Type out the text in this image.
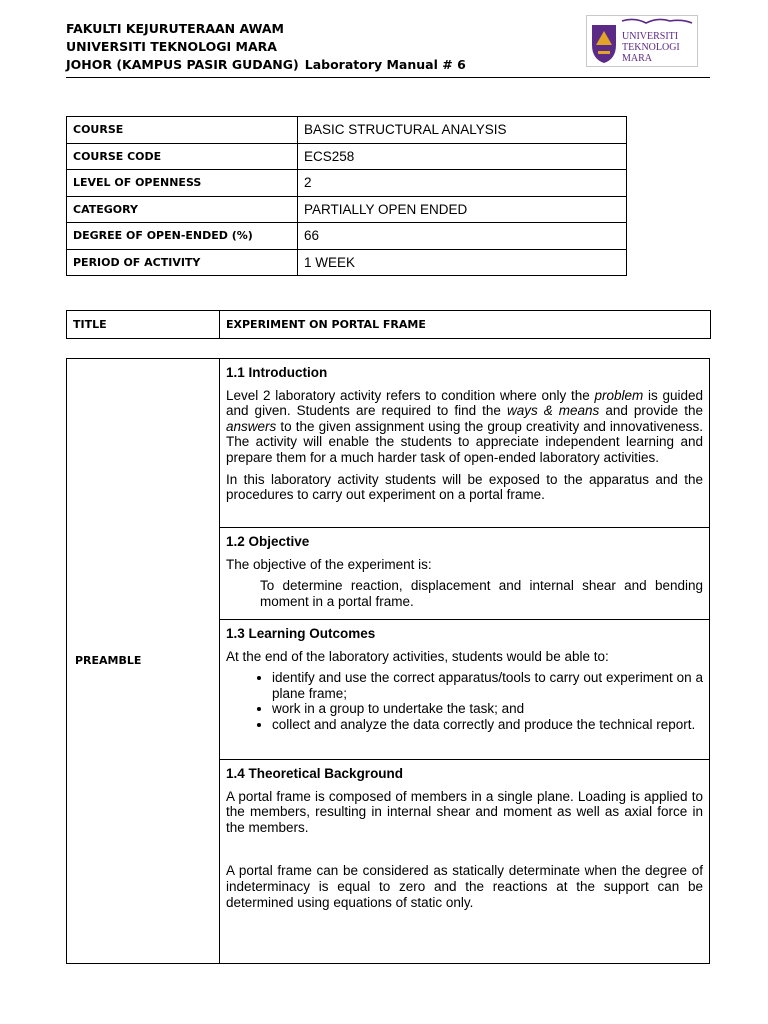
FAKULTI KEJURUTERAAN AWAM
UNIVERSITI TEKNOLOGI MARA
JOHOR (KAMPUS PASIR GUDANG) Laboratory Manual # 6
UNIVERSITI
TEKNOLOGI
MARA
COURSE	BASIC STRUCTURAL ANALYSIS
COURSE CODE	ECS258
LEVEL OF OPENNESS	2
CATEGORY	PARTIALLY OPEN ENDED
DEGREE OF OPEN-ENDED (%)	66
PERIOD OF ACTIVITY	1 WEEK
TITLE	EXPERIMENT ON PORTAL FRAME
PREAMBLE
1.1 Introduction

Level 2 laboratory activity refers to condition where only the problem is guided and given. Students are required to find the ways & means and provide the answers to the given assignment using the group creativity and innovativeness. The activity will enable the students to appreciate independent learning and prepare them for a much harder task of open-ended laboratory activities.

In this laboratory activity students will be exposed to the apparatus and the procedures to carry out experiment on a portal frame.

1.2 Objective

The objective of the experiment is:

To determine reaction, displacement and internal shear and bending moment in a portal frame.

1.3 Learning Outcomes

At the end of the laboratory activities, students would be able to:

• identify and use the correct apparatus/tools to carry out experiment on a plane frame;
• work in a group to undertake the task; and
• collect and analyze the data correctly and produce the technical report.
1.4 Theoretical Background

A portal frame is composed of members in a single plane. Loading is applied to the members, resulting in internal shear and moment as well as axial force in the members.

A portal frame can be considered as statically determinate when the degree of indeterminacy is equal to zero and the reactions at the support can be determined using equations of static only.
